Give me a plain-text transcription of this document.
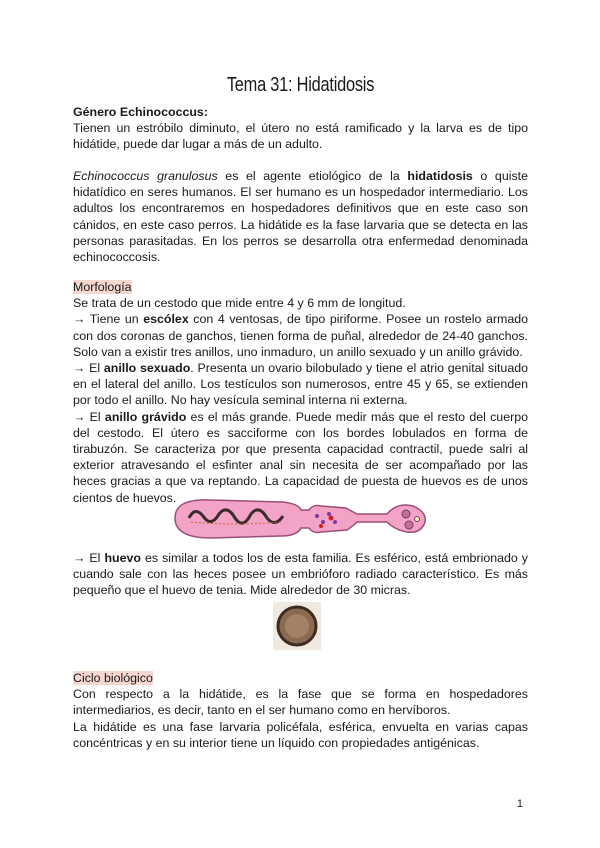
Tema 31: Hidatidosis
Género Echinococcus:
Tienen un estróbilo diminuto, el útero no está ramificado y la larva es de tipo hidátide, puede dar lugar a más de un adulto.
Echinococcus granulosus es el agente etiológico de la hidatidosis o quiste hidatídico en seres humanos. El ser humano es un hospedador intermediario. Los adultos los encontraremos en hospedadores definitivos que en este caso son cánidos, en este caso perros. La hidátide es la fase larvaria que se detecta en las personas parasitadas. En los perros se desarrolla otra enfermedad denominada echinococcosis.
Morfología
Se trata de un cestodo que mide entre 4 y 6 mm de longitud.
→ Tiene un escólex con 4 ventosas, de tipo piriforme. Posee un rostelo armado con dos coronas de ganchos, tienen forma de puñal, alrededor de 24-40 ganchos. Solo van a existir tres anillos, uno inmaduro, un anillo sexuado y un anillo grávido.
→ El anillo sexuado. Presenta un ovario bilobulado y tiene el atrio genital situado en el lateral del anillo. Los testículos son numerosos, entre 45 y 65, se extienden por todo el anillo. No hay vesícula seminal interna ni externa.
→ El anillo grávido es el más grande. Puede medir más que el resto del cuerpo del cestodo. El útero es sacciforme con los bordes lobulados en forma de tirabuzón. Se caracteriza por que presenta capacidad contractil, puede salri al exterior atravesando el esfinter anal sin necesita de ser acompañado por las heces gracias a que va reptando. La capacidad de puesta de huevos es de unos cientos de huevos.
→ El huevo es similar a todos los de esta familia. Es esférico, está embrionado y cuando sale con las heces posee un embrióforo radiado característico. Es más pequeño que el huevo de tenia. Mide alrededor de 30 micras.
Ciclo biológico
Con respecto a la hidátide, es la fase que se forma en hospedadores intermediarios, es decir, tanto en el ser humano como en hervíboros.
La hidátide es una fase larvaria policéfala, esférica, envuelta en varias capas concéntricas y en su interior tiene un líquido con propiedades antigénicas.
1
